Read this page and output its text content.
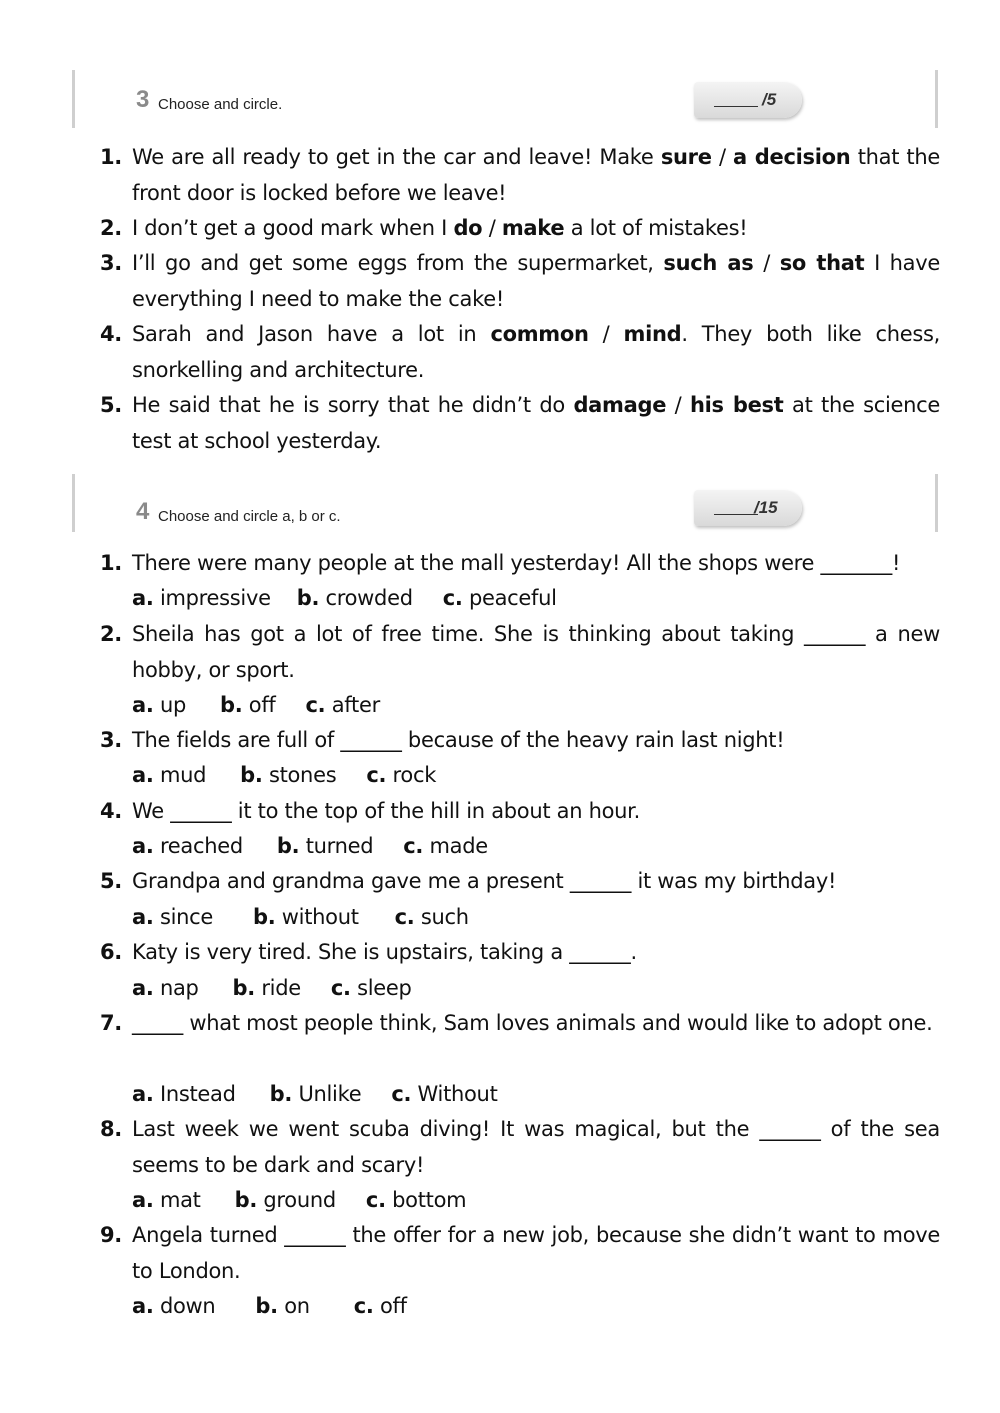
3 Choose and circle.	/5
1. We are all ready to get in the car and leave! Make sure / a decision that the front door is locked before we leave!
2. I don’t get a good mark when I do / make a lot of mistakes!
3. I’ll go and get some eggs from the supermarket, such as / so that I have everything I need to make the cake!
4. Sarah and Jason have a lot in common / mind. They both like chess, snorkelling and architecture.
5. He said that he is sorry that he didn’t do damage / his best at the science test at school yesterday.
4 Choose and circle a, b or c.	/15
1. There were many people at the mall yesterday! All the shops were _______!
a. impressive b. crowded c. peaceful
2. Sheila has got a lot of free time. She is thinking about taking ______ a new hobby, or sport.
a. up b. off c. after
3. The fields are full of ______ because of the heavy rain last night!
a. mud b. stones c. rock
4. We ______ it to the top of the hill in about an hour.
a. reached b. turned c. made
5. Grandpa and grandma gave me a present ______ it was my birthday!
a. since b. without c. such
6. Katy is very tired. She is upstairs, taking a ______.
a. nap b. ride c. sleep
7. _____ what most people think, Sam loves animals and would like to adopt one.
a. Instead b. Unlike c. Without
8. Last week we went scuba diving! It was magical, but the ______ of the sea seems to be dark and scary!
a. mat b. ground c. bottom
9. Angela turned ______ the offer for a new job, because she didn’t want to move to London.
a. down b. on c. off
